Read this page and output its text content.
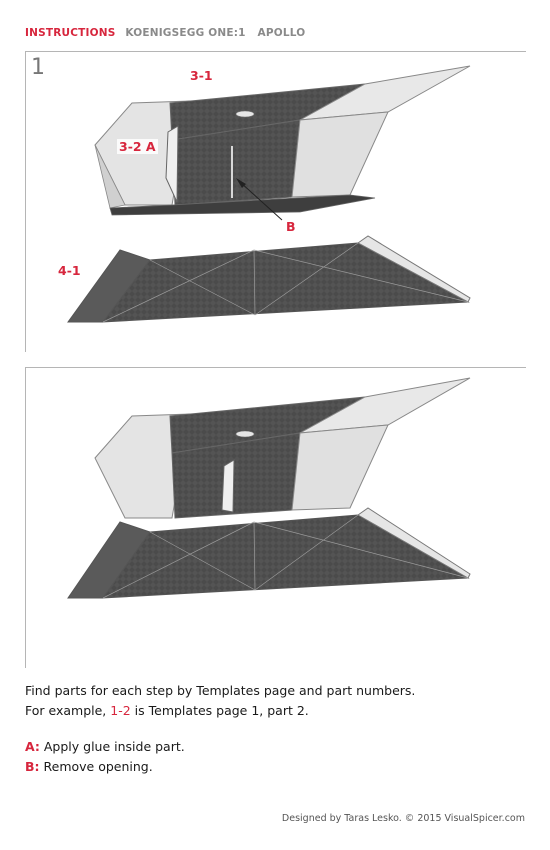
INSTRUCTIONS KOENIGSEGG ONE:1 APOLLO
1	3-1
3-2 A
4-1
B
Find parts for each step by Templates page and part numbers.
For example, 1-2 is Templates page 1, part 2.
A: Apply glue inside part.
B: Remove opening.
Designed by Taras Lesko. © 2015 VisualSpicer.com
